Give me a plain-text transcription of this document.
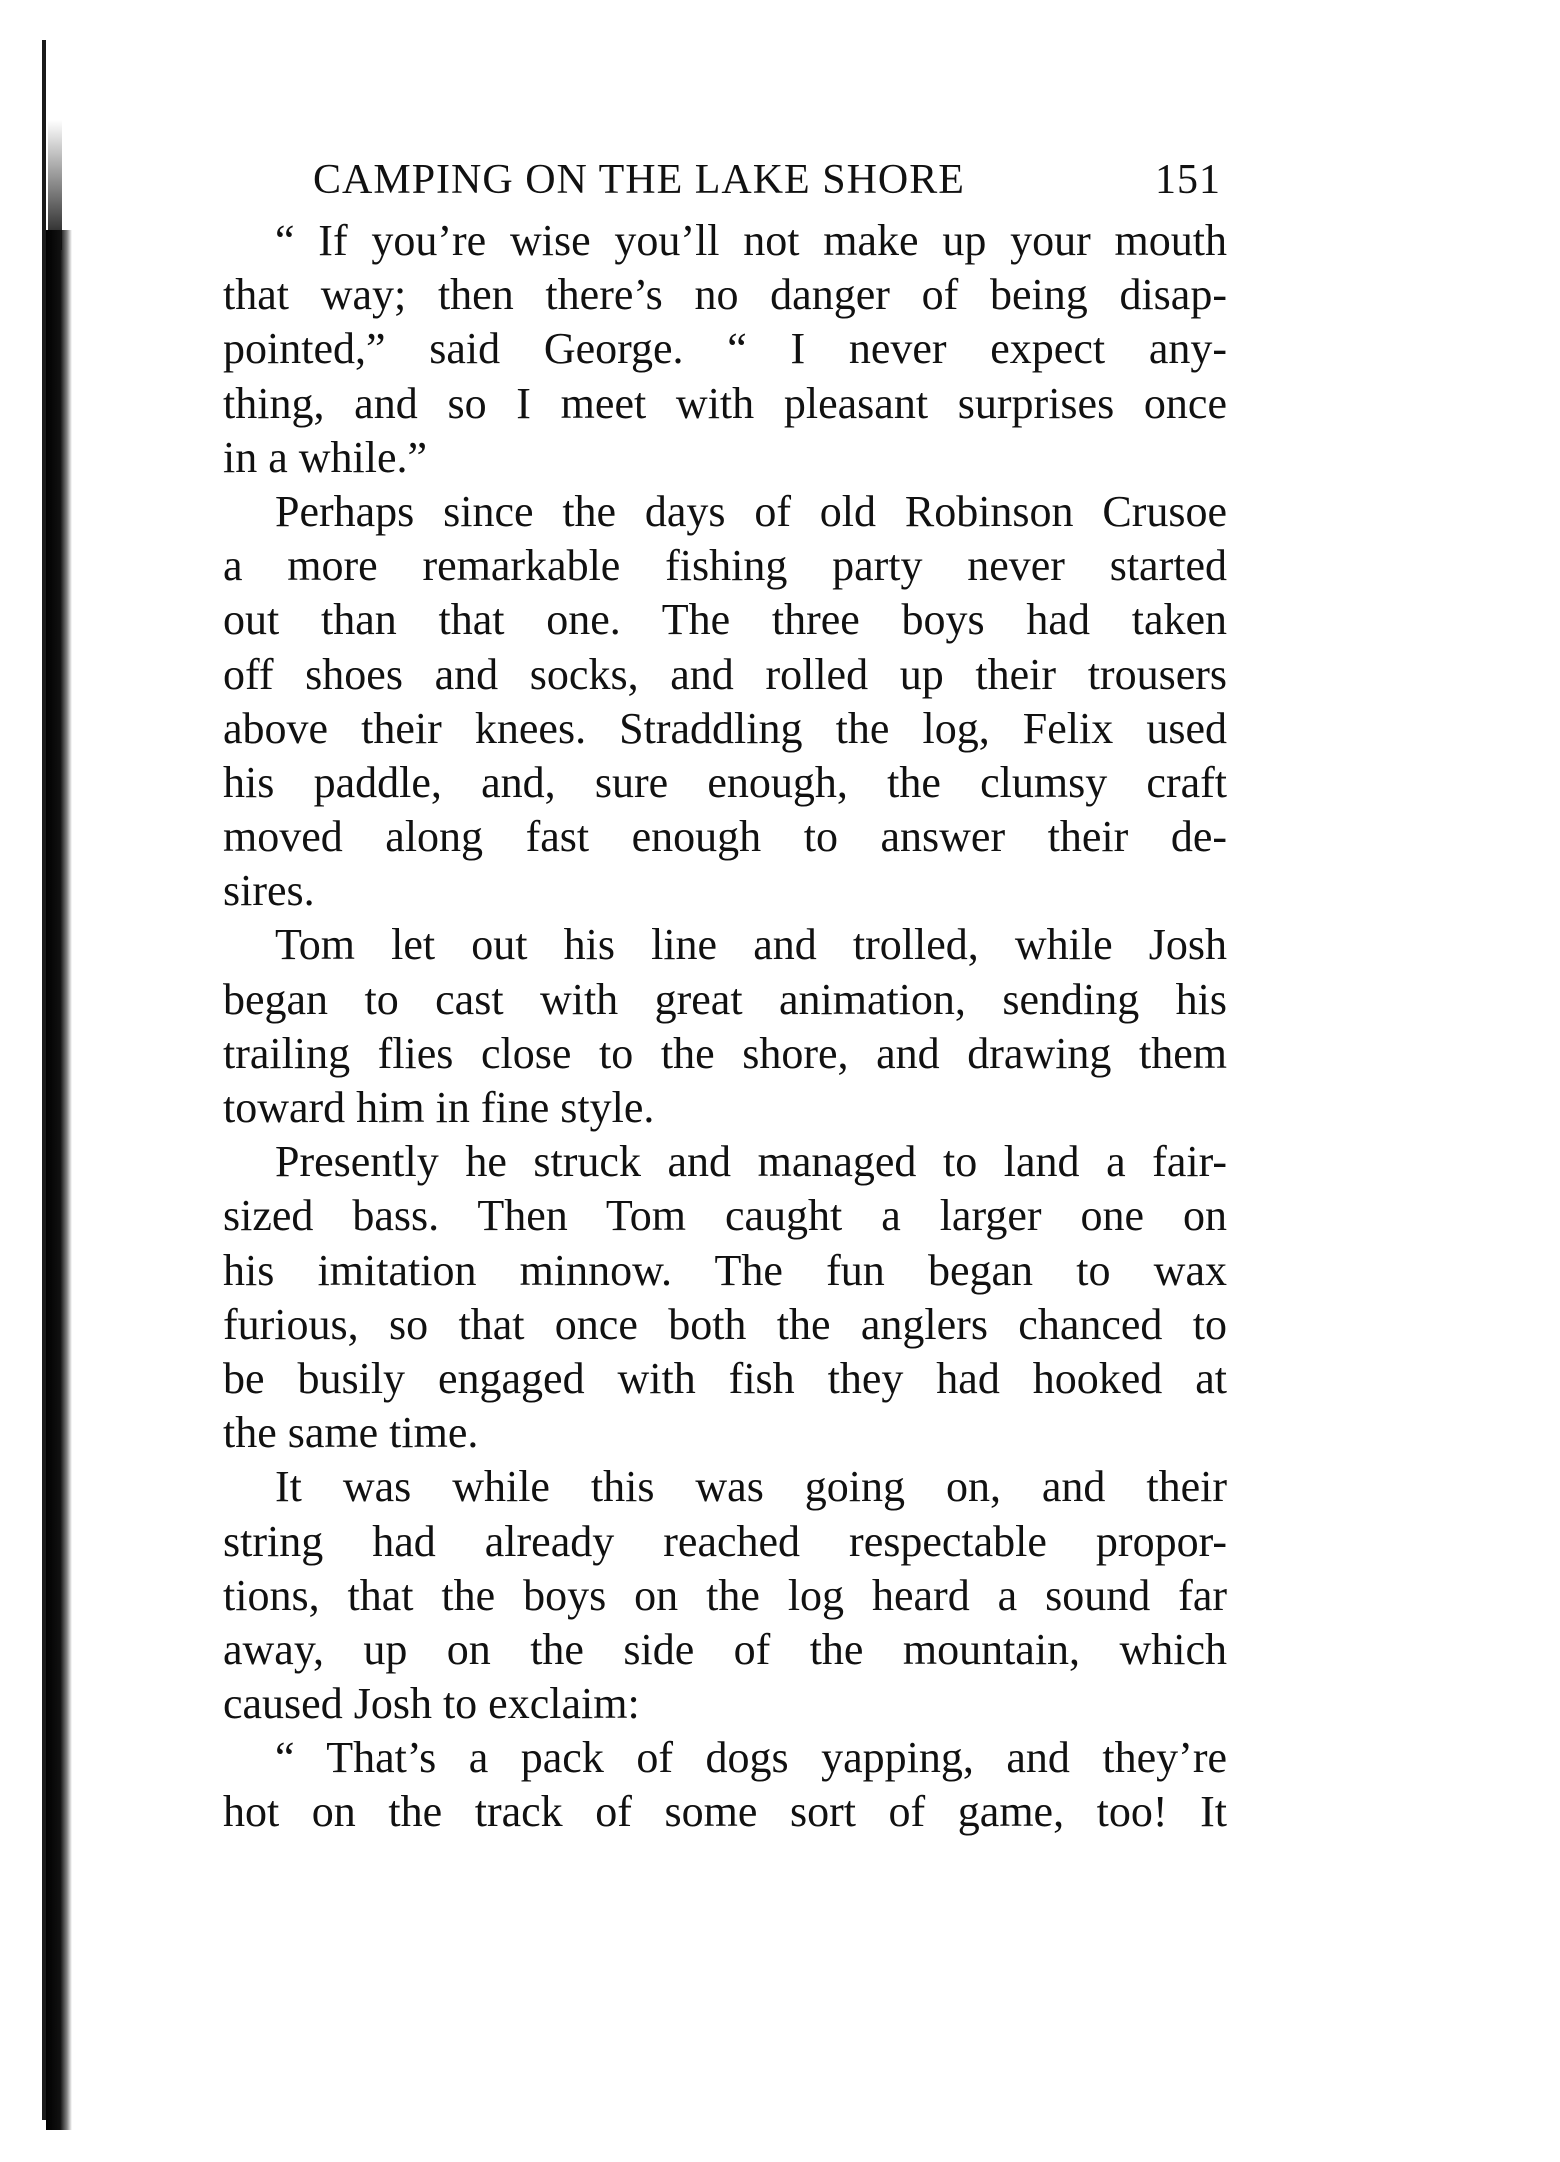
CAMPING ON THE LAKE SHORE	151
“ If you’re wise you’ll not make up your mouth
that way; then there’s no danger of being disap-
pointed,” said George. “ I never expect any-
thing, and so I meet with pleasant surprises once
in a while.”
Perhaps since the days of old Robinson Crusoe
a more remarkable fishing party never started
out than that one. The three boys had taken
off shoes and socks, and rolled up their trousers
above their knees. Straddling the log, Felix used
his paddle, and, sure enough, the clumsy craft
moved along fast enough to answer their de-
sires.
Tom let out his line and trolled, while Josh
began to cast with great animation, sending his
trailing flies close to the shore, and drawing them
toward him in fine style.
Presently he struck and managed to land a fair-
sized bass. Then Tom caught a larger one on
his imitation minnow. The fun began to wax
furious, so that once both the anglers chanced to
be busily engaged with fish they had hooked at
the same time.
It was while this was going on, and their
string had already reached respectable propor-
tions, that the boys on the log heard a sound far
away, up on the side of the mountain, which
caused Josh to exclaim:
“ That’s a pack of dogs yapping, and they’re
hot on the track of some sort of game, too! It
